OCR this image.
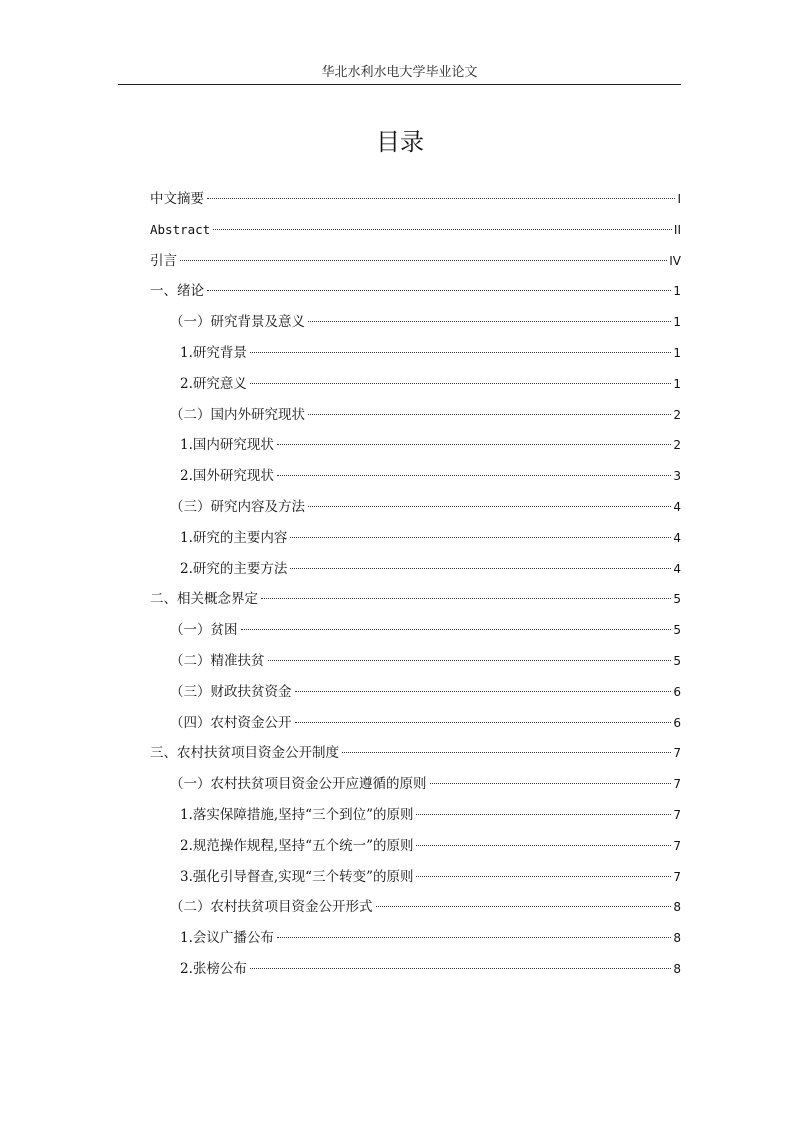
华北水利水电大学毕业论文
目录
中文摘要	I
Abstract	II
引言	IV
一、绪论	1
（一）研究背景及意义	1
1.研究背景	1
2.研究意义	1
（二）国内外研究现状	2
1.国内研究现状	2
2.国外研究现状	3
（三）研究内容及方法	4
1.研究的主要内容	4
2.研究的主要方法	4
二、相关概念界定	5
（一）贫困	5
（二）精准扶贫	5
（三）财政扶贫资金	6
（四）农村资金公开	6
三、农村扶贫项目资金公开制度	7
（一）农村扶贫项目资金公开应遵循的原则	7
1.落实保障措施,坚持“三个到位”的原则	7
2.规范操作规程,坚持“五个统一”的原则	7
3.强化引导督查,实现“三个转变”的原则	7
（二）农村扶贫项目资金公开形式	8
1.会议广播公布	8
2.张榜公布	8
